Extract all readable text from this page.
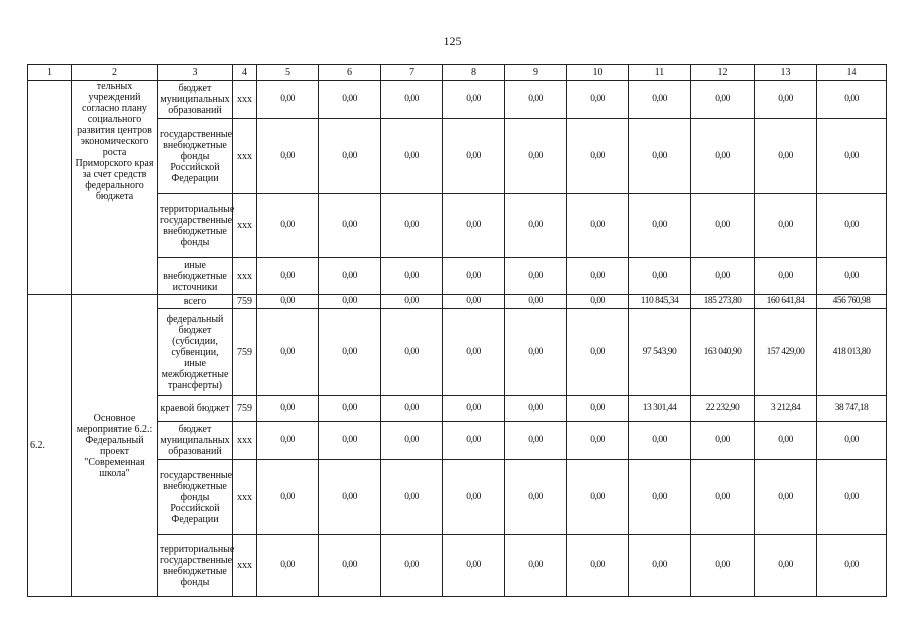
125
1	2	3	4	5	6	7	8	9	10	11	12	13	14
	тельных учреждений согласно плану социального развития центров экономического роста Приморского края за счет средств федерального бюджета	бюджет муниципальных образований	xxx	0,00	0,00	0,00	0,00	0,00	0,00	0,00	0,00	0,00	0,00
		государственные внебюджетные фонды Российской Федерации	xxx	0,00	0,00	0,00	0,00	0,00	0,00	0,00	0,00	0,00	0,00
		территориальные государственные внебюджетные фонды	xxx	0,00	0,00	0,00	0,00	0,00	0,00	0,00	0,00	0,00	0,00
		иные внебюджетные источники	xxx	0,00	0,00	0,00	0,00	0,00	0,00	0,00	0,00	0,00	0,00
6.2.	Основное мероприятие 6.2.: Федеральный проект "Современная школа"	всего	759	0,00	0,00	0,00	0,00	0,00	0,00	110 845,34	185 273,80	160 641,84	456 760,98
		федеральный бюджет (субсидии, субвенции, иные межбюджетные трансферты)	759	0,00	0,00	0,00	0,00	0,00	0,00	97 543,90	163 040,90	157 429,00	418 013,80
		краевой бюджет	759	0,00	0,00	0,00	0,00	0,00	0,00	13 301,44	22 232,90	3 212,84	38 747,18
		бюджет муниципальных образований	xxx	0,00	0,00	0,00	0,00	0,00	0,00	0,00	0,00	0,00	0,00
		государственные внебюджетные фонды Российской Федерации	xxx	0,00	0,00	0,00	0,00	0,00	0,00	0,00	0,00	0,00	0,00
		территориальные государственные внебюджетные фонды	xxx	0,00	0,00	0,00	0,00	0,00	0,00	0,00	0,00	0,00	0,00
